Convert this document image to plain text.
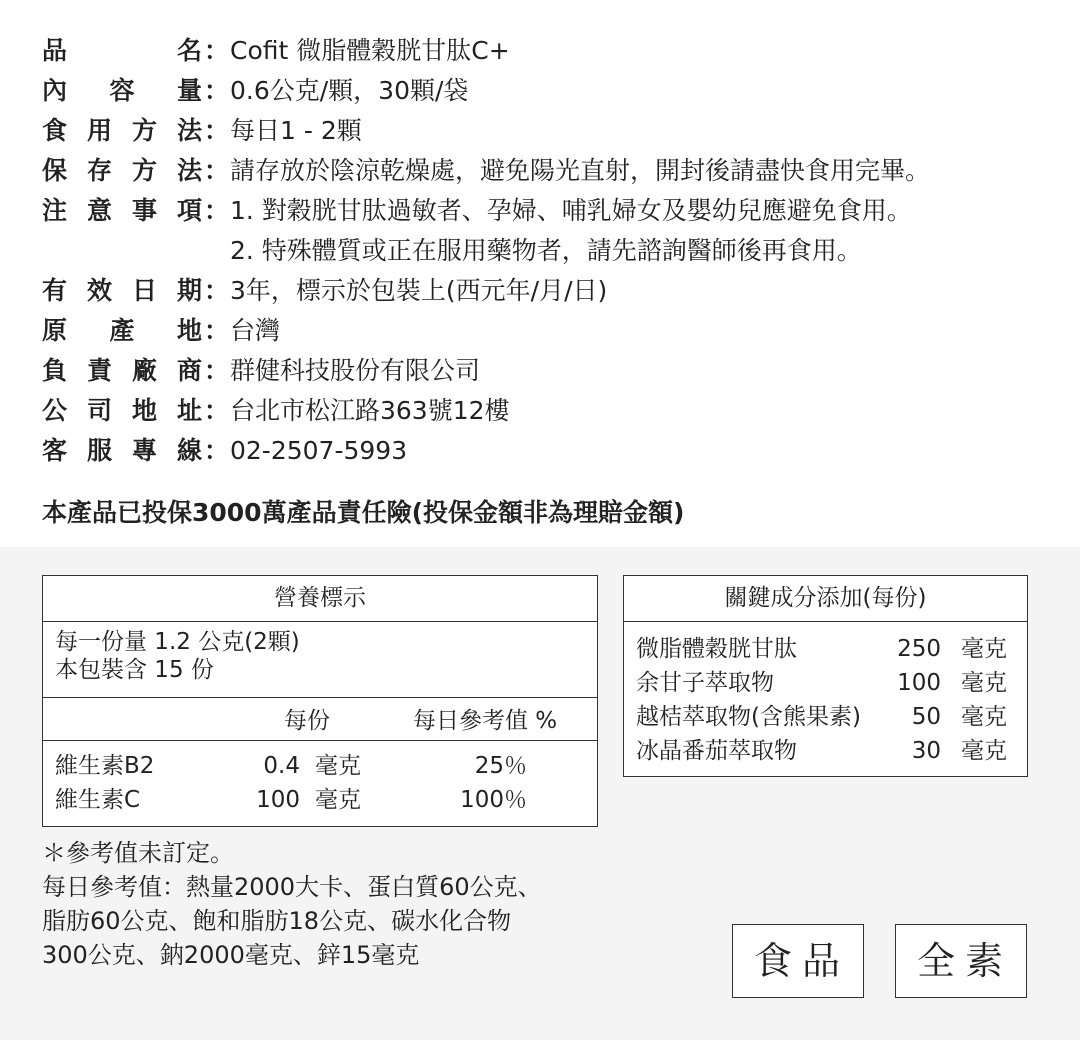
品	名 ： Cofit 微脂體穀胱甘肽C+
內 容 量 ： 0.6公克/顆，30顆/袋
食 用 方 法 ： 每日1 - 2顆
保 存 方 法 ： 請存放於陰涼乾燥處，避免陽光直射，開封後請盡快食用完畢。
注 意 事 項 ： 1. 對穀胱甘肽過敏者、孕婦、哺乳婦女及嬰幼兒應避免食用。
2. 特殊體質或正在服用藥物者，請先諮詢醫師後再食用。
有 效 日 期 ： 3年，標示於包裝上(西元年/月/日)
原 產 地 ： 台灣
負 責 廠 商 ： 群健科技股份有限公司
公 司 地 址 ： 台北市松江路363號12樓
客 服 專 線 ： 02-2507-5993
本產品已投保3000萬產品責任險(投保金額非為理賠金額)
營養標示
每一份量 1.2 公克(2顆)
本包裝含 15 份
每份	每日參考值 %
維生素B2	0.4 毫克	25％
維生素C	100 毫克	100％
＊參考值未訂定。
每日參考值：熱量2000大卡、蛋白質60公克、
脂肪60公克、飽和脂肪18公克、碳水化合物
300公克、鈉2000毫克、鋅15毫克
關鍵成分添加(每份)
微脂體穀胱甘肽	250 毫克
余甘子萃取物	100 毫克
越桔萃取物(含熊果素) 50 毫克
冰晶番茄萃取物	30 毫克
食品	全素
